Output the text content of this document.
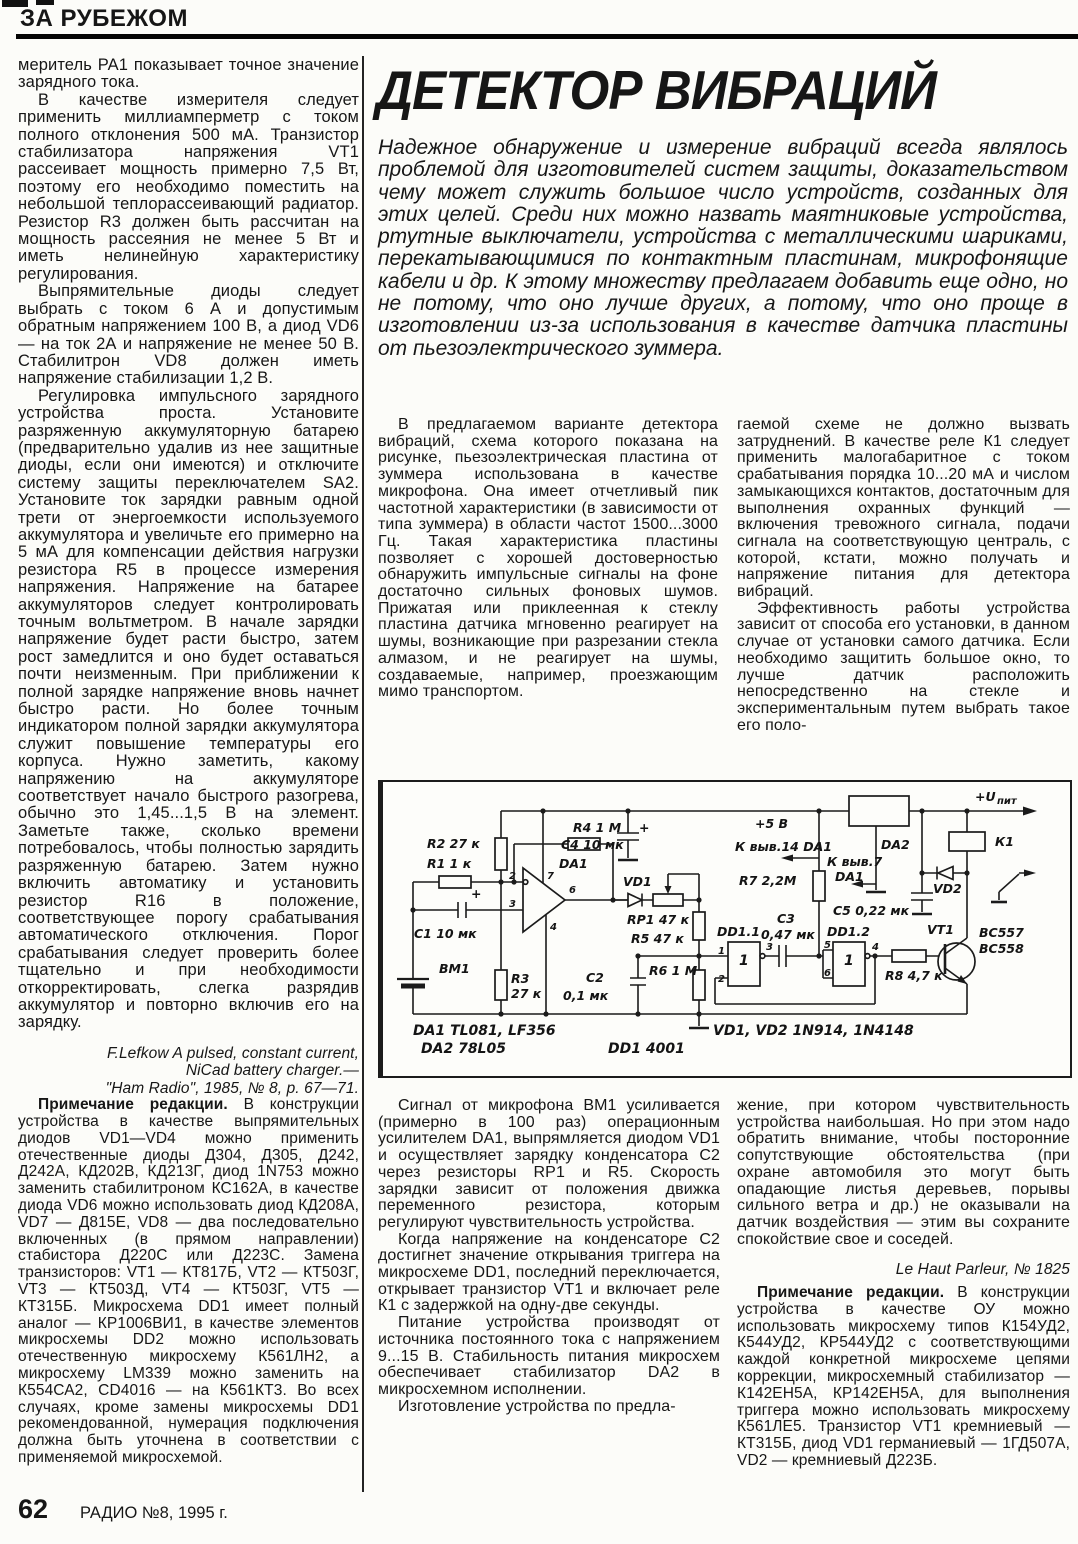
ЗА РУБЕЖОМ

меритель PA1 показывает точное значение зарядного тока.

В качестве измерителя следует применить миллиамперметр с током полного отклонения 500 мА. Транзистор стабилизатора напряжения VT1 рассеивает мощность примерно 7,5 Вт, поэтому его необходимо поместить на небольшой теплорассеивающий радиатор. Резистор R3 должен быть рассчитан на мощность рассеяния не менее 5 Вт и иметь нелинейную характеристику регулирования.

Выпрямительные диоды следует выбрать с током 6 А и допустимым обратным напряжением 100 В, а диод VD6 — на ток 2А и напряжение не менее 50 В. Стабилитрон VD8 должен иметь напряжение стабилизации 1,2 В.

Регулировка импульсного зарядного устройства проста. Установите разряженную аккумуляторную батарею (предварительно удалив из нее защитные диоды, если они имеются) и отключите систему защиты переключателем SA2. Установите ток зарядки равным одной трети от энергоемкости используемого аккумулятора и увеличьте его примерно на 5 мА для компенсации действия нагрузки резистора R5 в процессе измерения напряжения. Напряжение на батарее аккумуляторов следует контролировать точным вольтметром. В начале зарядки напряжение будет расти быстро, затем рост замедлится и оно будет оставаться почти неизменным. При приближении к полной зарядке напряжение вновь начнет быстро расти. Но более точным индикатором полной зарядки аккумулятора служит повышение температуры его корпуса. Нужно заметить, какому напряжению на аккумуляторе соответствует начало быстрого разогрева, обычно это 1,45...1,5 В на элемент. Заметьте также, сколько времени потребовалось, чтобы полностью зарядить разряженную батарею. Затем нужно включить автоматику и установить резистор R16 в положение, соответствующее порогу срабатывания автоматического отключения. Порог срабатывания следует проверить более тщательно и при необходимости откорректировать, слегка разрядив аккумулятор и повторно включив его на зарядку.

F.Lefkow A pulsed, constant current,
NiCad battery charger.—
"Ham Radio", 1985, № 8, p. 67—71.

Примечание редакции. В конструкции устройства в качестве выпрямительных диодов VD1—VD4 можно применить отечественные диоды Д304, Д305, Д242, Д242А, КД202В, КД213Г, диод 1N753 можно заменить стабилитроном КС162А, в качестве диода VD6 можно использовать диод КД208А, VD7 — Д815Е, VD8 — два последовательно включенных (в прямом направлении) стабистора Д220С или Д223С. Замена транзисторов: VT1 — КТ817Б, VT2 — КТ503Г, VT3 — КТ503Д, VT4 — КТ503Г, VT5 — КТ315Б. Микросхема DD1 имеет полный аналог — КР1006ВИ1, в качестве элементов микросхемы DD2 можно использовать отечественную микросхему К561ЛН2, а микросхему LM339 можно заменить на К554СА2, CD4016 — на К561КТ3. Во всех случаях, кроме замены микросхемы DD1 рекомендованной, нумерация подключения должна быть уточнена в соответствии с применяемой микросхемой.

ДЕТЕКТОР ВИБРАЦИЙ
Надежное обнаружение и измерение вибраций всегда являлось проблемой для изготовителей систем защиты, доказательством чему может служить большое число устройств, созданных для этих целей. Среди них можно назвать маятниковые устройства, ртутные выключатели, устройства с металлическими шариками, перекатывающимися по контактным пластинам, микрофонящие кабели и др. К этому множеству предлагаем добавить еще одно, но не потому, что оно лучше других, а потому, что оно проще в изготовлении из-за использования в качестве датчика пластины от пьезоэлектрического зуммера.

В предлагаемом варианте детектора вибраций, схема которого показана на рисунке, пьезоэлектрическая пластина от зуммера использована в качестве микрофона. Она имеет отчетливый пик частотной характеристики (в зависимости от типа зуммера) в области частот 1500...3000 Гц. Такая характеристика пластины позволяет с хорошей достоверностью обнаружить импульсные сигналы на фоне достаточно сильных фоновых шумов. Прижатая или приклеенная к стеклу пластина датчика мгновенно реагирует на шумы, возникающие при разрезании стекла алмазом, и не реагирует на шумы, создаваемые, например, проезжающим мимо транспортом.

гаемой схеме не должно вызвать затруднений. В качестве реле К1 следует применить малогабаритное с током срабатывания порядка 10...20 мА и числом замыкающихся контактов, достаточным для выполнения охранных функций — включения тревожного сигнала, подачи сигнала на соответствующую централь, с которой, кстати, можно получать и напряжение питания для детектора вибраций.

Эффективность работы устройства зависит от способа его установки, в данном случае от установки самого датчика. Если необходимо защитить большое окно, то лучше датчик расположить непосредственно на стекле и экспериментальным путем выбрать такое его поло-

+U пит
+5 В
R2 27 к
R1 1 к
+
С1 10 мк
ВМ1
R3
27 к
2
3
7
4
6
DA1
R4 1 М
VD1
RP1 47 к
R5 47 к
С2
0,1 мк
R6 1 М
1	1
DD1.1	DD1.2
С3
0,47 мк
R7 2,2М
1
2
3	5
6
4
+
С4 10 мк	К выв.14 DA1	DA2
К выв.7
DA1
R8 4,7 к
VD2
С5 0,22 мк
К1
VT1 BC557
BC558
DA1 TL081, LF356
DA2 78L05	DD1 4001
VD1, VD2 1N914, 1N4148

Сигнал от микрофона ВМ1 усиливается (примерно в 100 раз) операционным усилителем DA1, выпрямляется диодом VD1 и осуществляет зарядку конденсатора С2 через резисторы RP1 и R5. Скорость зарядки зависит от положения движка переменного резистора, которым регулируют чувствительность устройства.

Когда напряжение на конденсаторе С2 достигнет значение открывания триггера на микросхеме DD1, последний переключается, открывает транзистор VT1 и включает реле К1 с задержкой на одну-две секунды.

Питание устройства производят от источника постоянного тока с напряжением 9...15 В. Стабильность питания микросхем обеспечивает стабилизатор DA2 в микросхемном исполнении.

Изготовление устройства по предла-

жение, при котором чувствительность устройства наибольшая. Но при этом надо обратить внимание, чтобы посторонние сопутствующие обстоятельства (при охране автомобиля это могут быть опадающие листья деревьев, порывы сильного ветра и др.) не оказывали на датчик воздействия — этим вы сохраните спокойствие свое и соседей.

Le Haut Parleur, № 1825

Примечание редакции. В конструкции устройства в качестве ОУ можно использовать микросхему типов К154УД2, К544УД2, КР544УД2 с соответствующими каждой конкретной микросхеме цепями коррекции, микросхемный стабилизатор — К142ЕН5А, КР142ЕН5А, для выполнения триггера можно использовать микросхему К561ЛЕ5. Транзистор VT1 кремниевый — КТ315Б, диод VD1 германиевый — 1ГД507А, VD2 — кремниевый Д223Б.

62 РАДИО №8, 1995 г.
